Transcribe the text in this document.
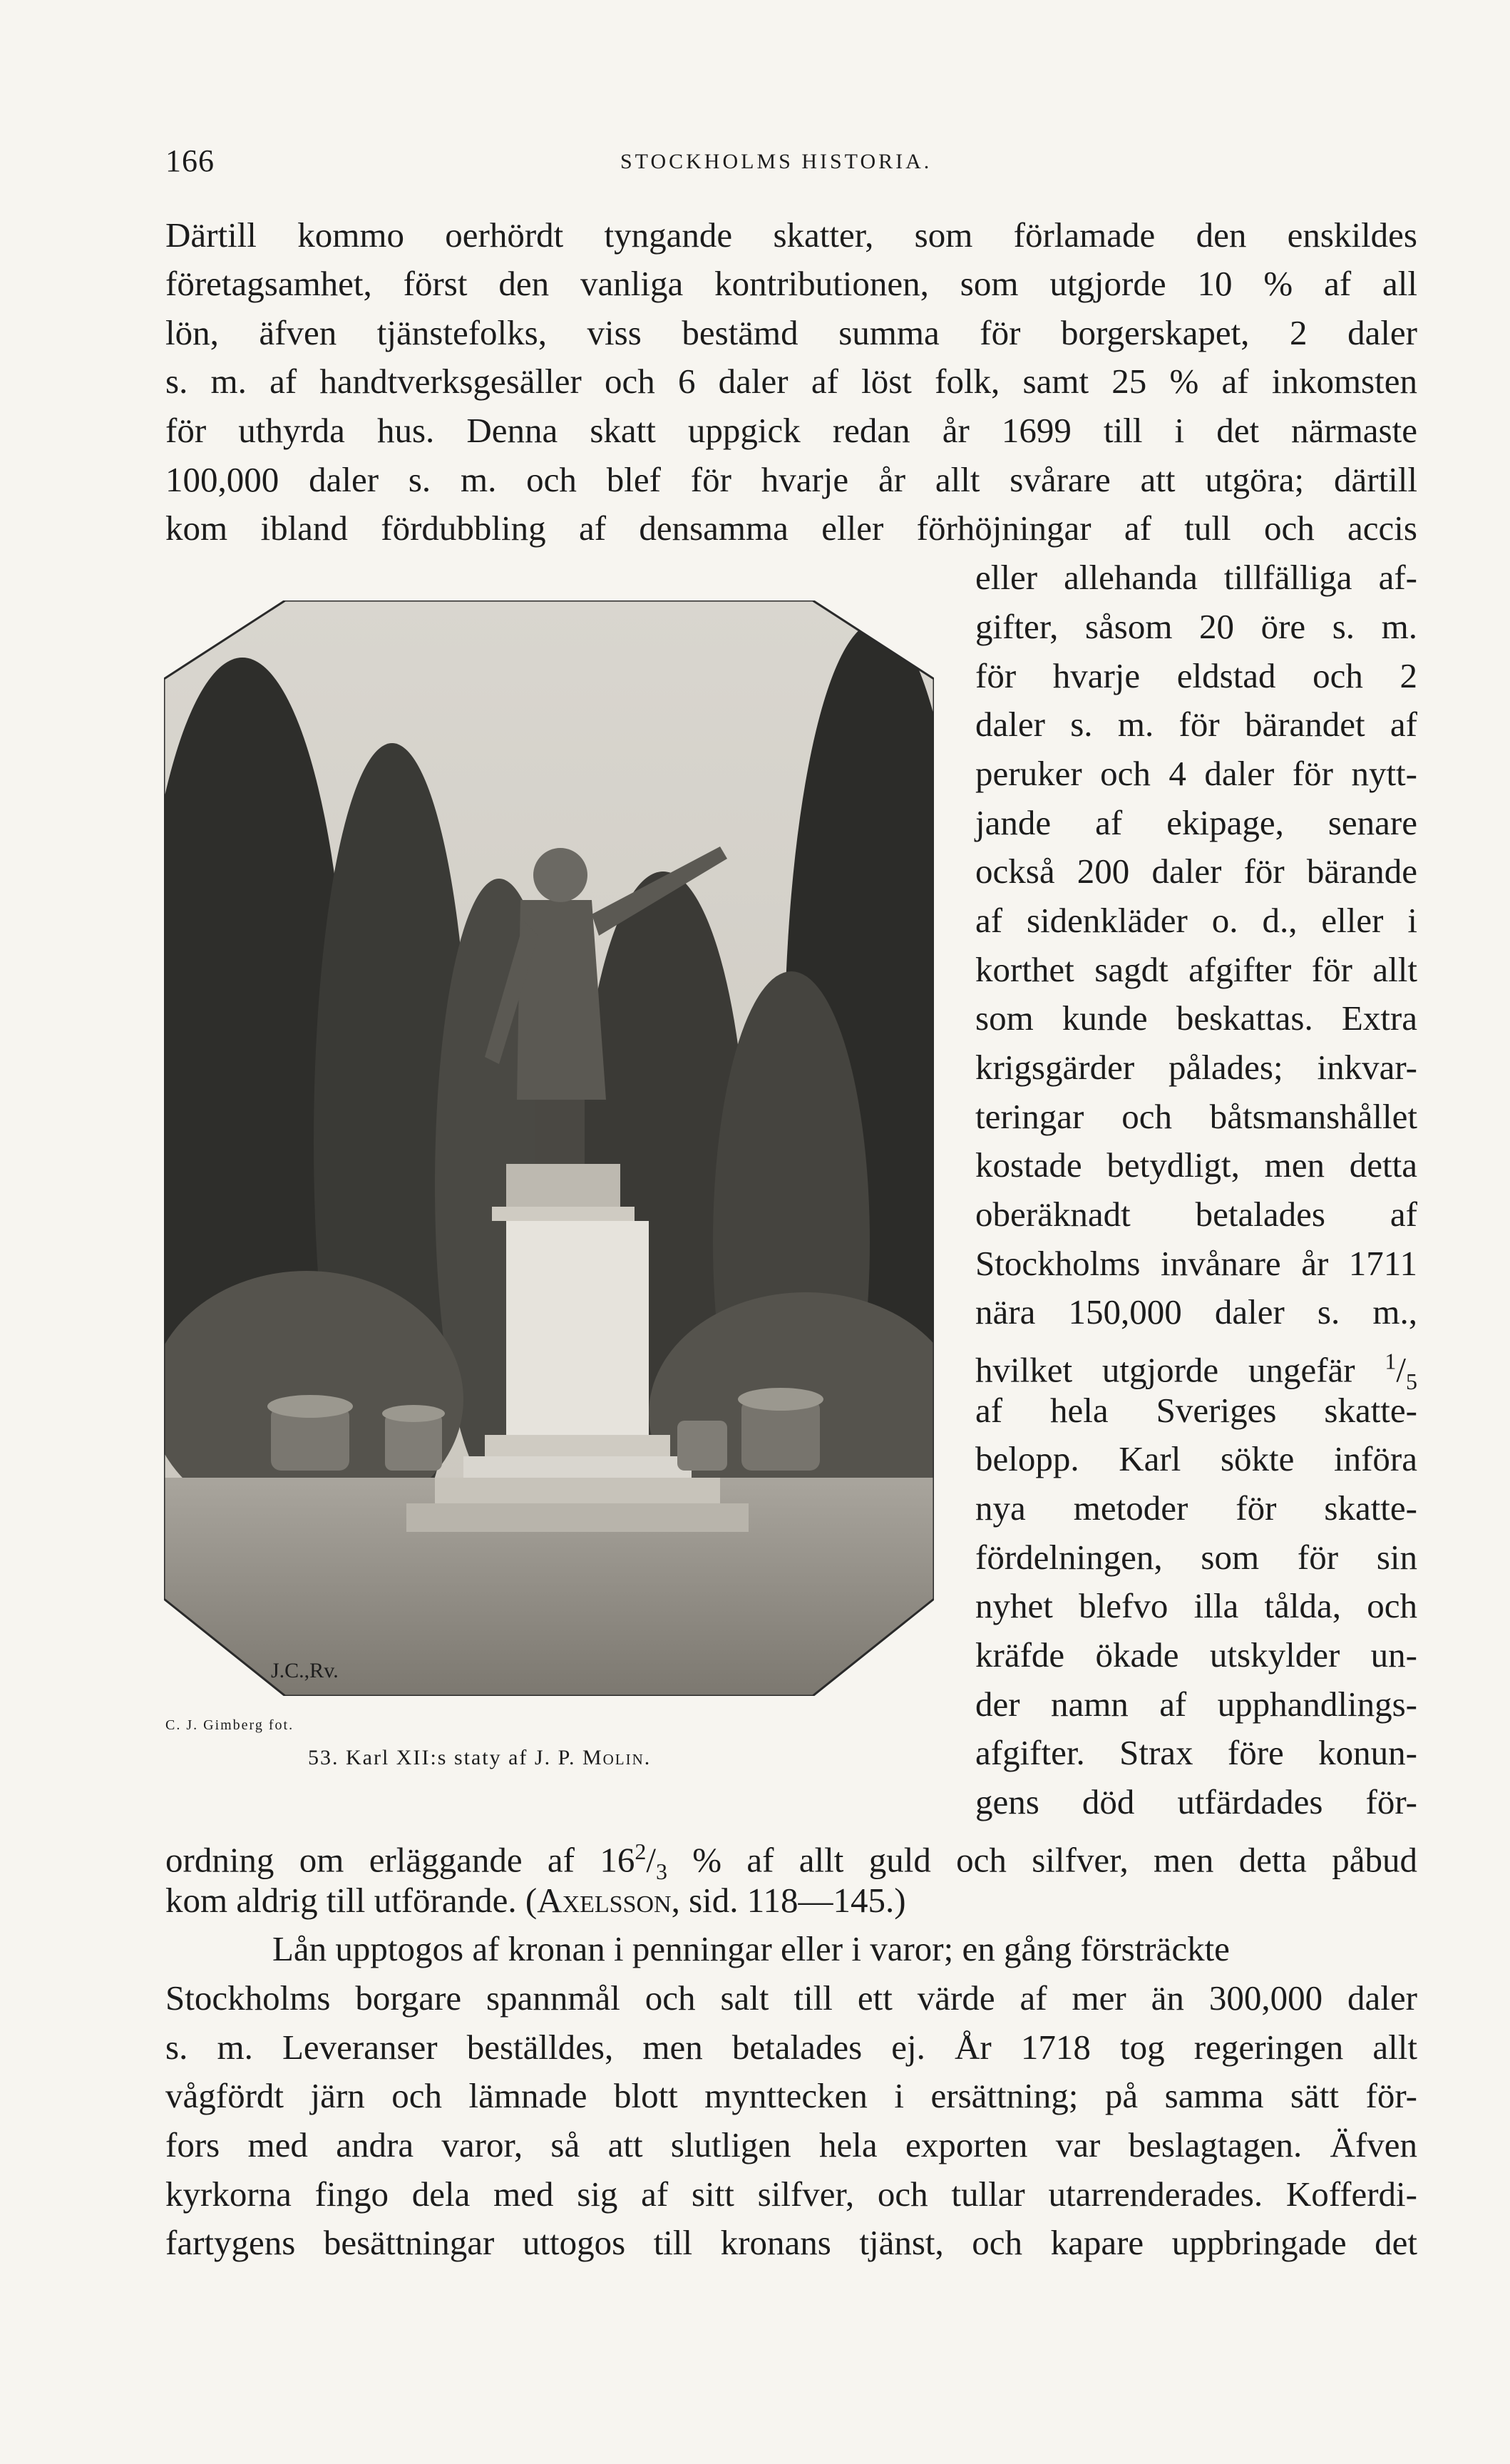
166	STOCKHOLMS HISTORIA.
Därtill kommo oerhördt tyngande skatter, som förlamade den enskildes
företagsamhet, först den vanliga kontributionen, som utgjorde 10 % af all
lön, äfven tjänstefolks, viss bestämd summa för borgerskapet, 2 daler
s. m. af handtverksgesäller och 6 daler af löst folk, samt 25 % af inkomsten
för uthyrda hus. Denna skatt uppgick redan år 1699 till i det närmaste
100,000 daler s. m. och blef för hvarje år allt svårare att utgöra; därtill
kom ibland fördubbling af densamma eller förhöjningar af tull och accis
eller allehanda tillfälliga af-
gifter, såsom 20 öre s. m.
för hvarje eldstad och 2
daler s. m. för bärandet af
peruker och 4 daler för nytt-
jande af ekipage, senare
också 200 daler för bärande
af sidenkläder o. d., eller i
korthet sagdt afgifter för allt
som kunde beskattas. Extra
krigsgärder pålades; inkvar-
teringar och båtsmanshållet
kostade betydligt, men detta
oberäknadt betalades af
Stockholms invånare år 1711
nära 150,000 daler s. m.,
hvilket utgjorde ungefär $^1/_5$
af hela Sveriges skatte-
belopp. Karl sökte införa
nya metoder för skatte-
fördelningen, som för sin
nyhet blefvo illa tålda, och
kräfde ökade utskylder un-
der namn af upphandlings-
afgifter. Strax före konun-
gens död utfärdades för-
J.C.,Rv.
C. J. Gimberg fot.
53. Karl XII:s staty af J. P. Molin.
ordning om erläggande af $16^2/_3$ % af allt guld och silfver, men detta påbud
kom aldrig till utförande. (Axelsson, sid. 118—145.)
Lån upptogos af kronan i penningar eller i varor; en gång försträckte
Stockholms borgare spannmål och salt till ett värde af mer än 300,000 daler
s. m. Leveranser beställdes, men betalades ej. År 1718 tog regeringen allt
vågfördt järn och lämnade blott mynttecken i ersättning; på samma sätt för-
fors med andra varor, så att slutligen hela exporten var beslagtagen. Äfven
kyrkorna fingo dela med sig af sitt silfver, och tullar utarrenderades. Kofferdi-
fartygens besättningar uttogos till kronans tjänst, och kapare uppbringade det
